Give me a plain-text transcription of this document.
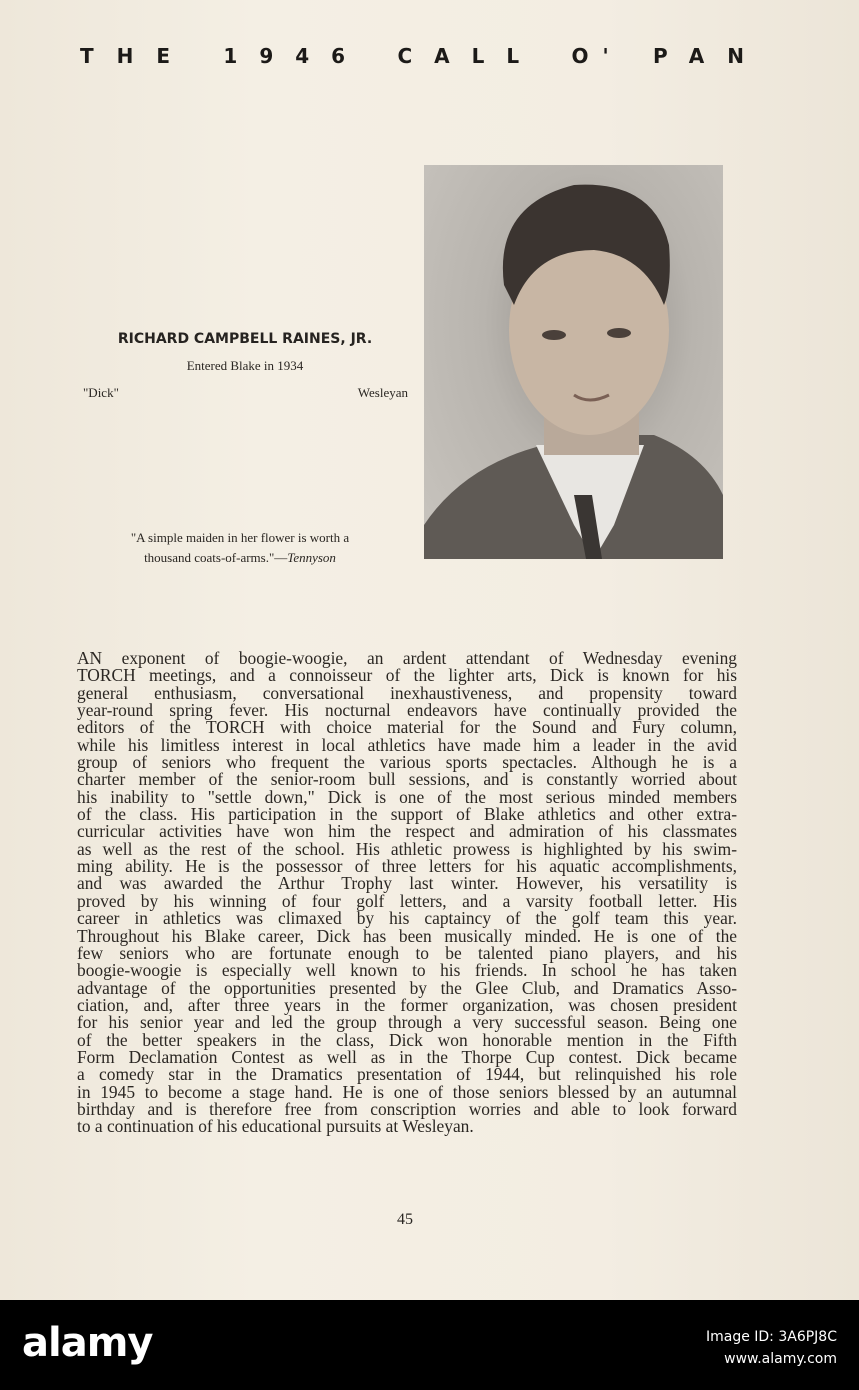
THE 1946 CALL O' PAN
RICHARD CAMPBELL RAINES, JR.
Entered Blake in 1934
"Dick"	Wesleyan
"A simple maiden in her flower is worth a
thousand coats-of-arms."—Tennyson
AN exponent of boogie-woogie, an ardent attendant of Wednesday evening
TORCH meetings, and a connoisseur of the lighter arts, Dick is known for his
general enthusiasm, conversational inexhaustiveness, and propensity toward
year-round spring fever. His nocturnal endeavors have continually provided the
editors of the TORCH with choice material for the Sound and Fury column,
while his limitless interest in local athletics have made him a leader in the avid
group of seniors who frequent the various sports spectacles. Although he is a
charter member of the senior-room bull sessions, and is constantly worried about
his inability to "settle down," Dick is one of the most serious minded members
of the class. His participation in the support of Blake athletics and other extra-
curricular activities have won him the respect and admiration of his classmates
as well as the rest of the school. His athletic prowess is highlighted by his swim-
ming ability. He is the possessor of three letters for his aquatic accomplishments,
and was awarded the Arthur Trophy last winter. However, his versatility is
proved by his winning of four golf letters, and a varsity football letter. His
career in athletics was climaxed by his captaincy of the golf team this year.
Throughout his Blake career, Dick has been musically minded. He is one of the
few seniors who are fortunate enough to be talented piano players, and his
boogie-woogie is especially well known to his friends. In school he has taken
advantage of the opportunities presented by the Glee Club, and Dramatics Asso-
ciation, and, after three years in the former organization, was chosen president
for his senior year and led the group through a very successful season. Being one
of the better speakers in the class, Dick won honorable mention in the Fifth
Form Declamation Contest as well as in the Thorpe Cup contest. Dick became
a comedy star in the Dramatics presentation of 1944, but relinquished his role
in 1945 to become a stage hand. He is one of those seniors blessed by an autumnal
birthday and is therefore free from conscription worries and able to look forward
to a continuation of his educational pursuits at Wesleyan.
45
alamy	Image ID: 3A6PJ8C
www.alamy.com
